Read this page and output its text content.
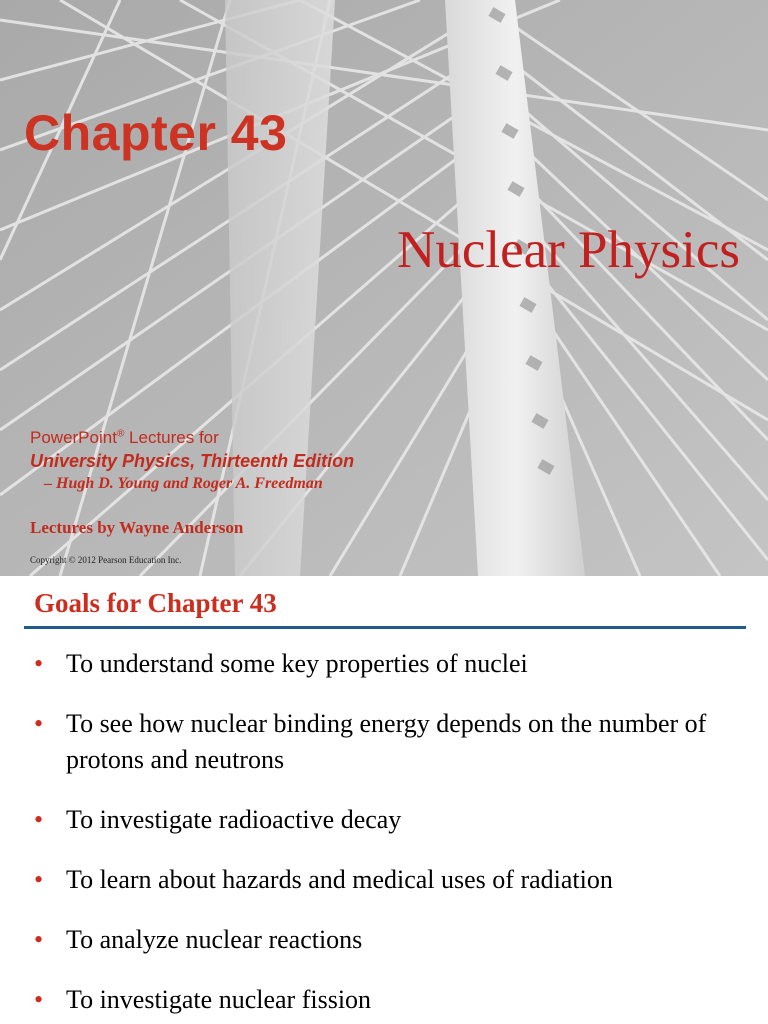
Chapter 43
Nuclear Physics
PowerPoint® Lectures for
University Physics, Thirteenth Edition
– Hugh D. Young and Roger A. Freedman
Lectures by Wayne Anderson
Copyright © 2012 Pearson Education Inc.
Goals for Chapter 43
• To understand some key properties of nuclei
• To see how nuclear binding energy depends on the number of protons and neutrons
• To investigate radioactive decay
• To learn about hazards and medical uses of radiation
• To analyze nuclear reactions
• To investigate nuclear fission
